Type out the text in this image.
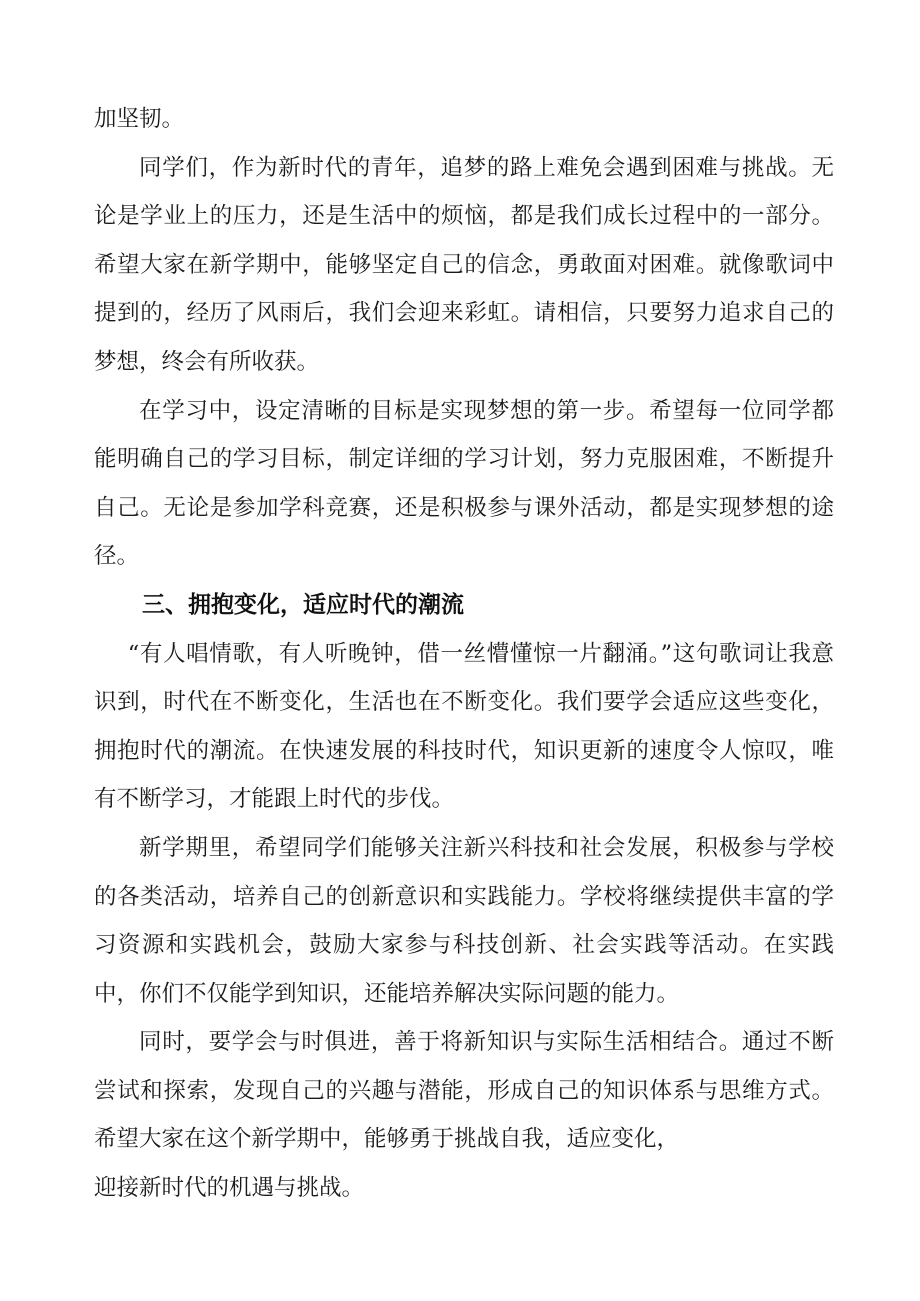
加坚韧。

同学们，作为新时代的青年，追梦的路上难免会遇到困难与挑战。无论是学业上的压力，还是生活中的烦恼，都是我们成长过程中的一部分。希望大家在新学期中，能够坚定自己的信念，勇敢面对困难。就像歌词中提到的，经历了风雨后，我们会迎来彩虹。请相信，只要努力追求自己的梦想，终会有所收获。

在学习中，设定清晰的目标是实现梦想的第一步。希望每一位同学都能明确自己的学习目标，制定详细的学习计划，努力克服困难，不断提升自己。无论是参加学科竞赛，还是积极参与课外活动，都是实现梦想的途径。

三、拥抱变化，适应时代的潮流

“有人唱情歌，有人听晚钟，借一丝懵懂惊一片翻涌。”这句歌词让我意识到，时代在不断变化，生活也在不断变化。我们要学会适应这些变化，拥抱时代的潮流。在快速发展的科技时代，知识更新的速度令人惊叹，唯有不断学习，才能跟上时代的步伐。

新学期里，希望同学们能够关注新兴科技和社会发展，积极参与学校的各类活动，培养自己的创新意识和实践能力。学校将继续提供丰富的学习资源和实践机会，鼓励大家参与科技创新、社会实践等活动。在实践中，你们不仅能学到知识，还能培养解决实际问题的能力。

同时，要学会与时俱进，善于将新知识与实际生活相结合。通过不断尝试和探索，发现自己的兴趣与潜能，形成自己的知识体系与思维方式。希望大家在这个新学期中，能够勇于挑战自我，适应变化，

迎接新时代的机遇与挑战。
